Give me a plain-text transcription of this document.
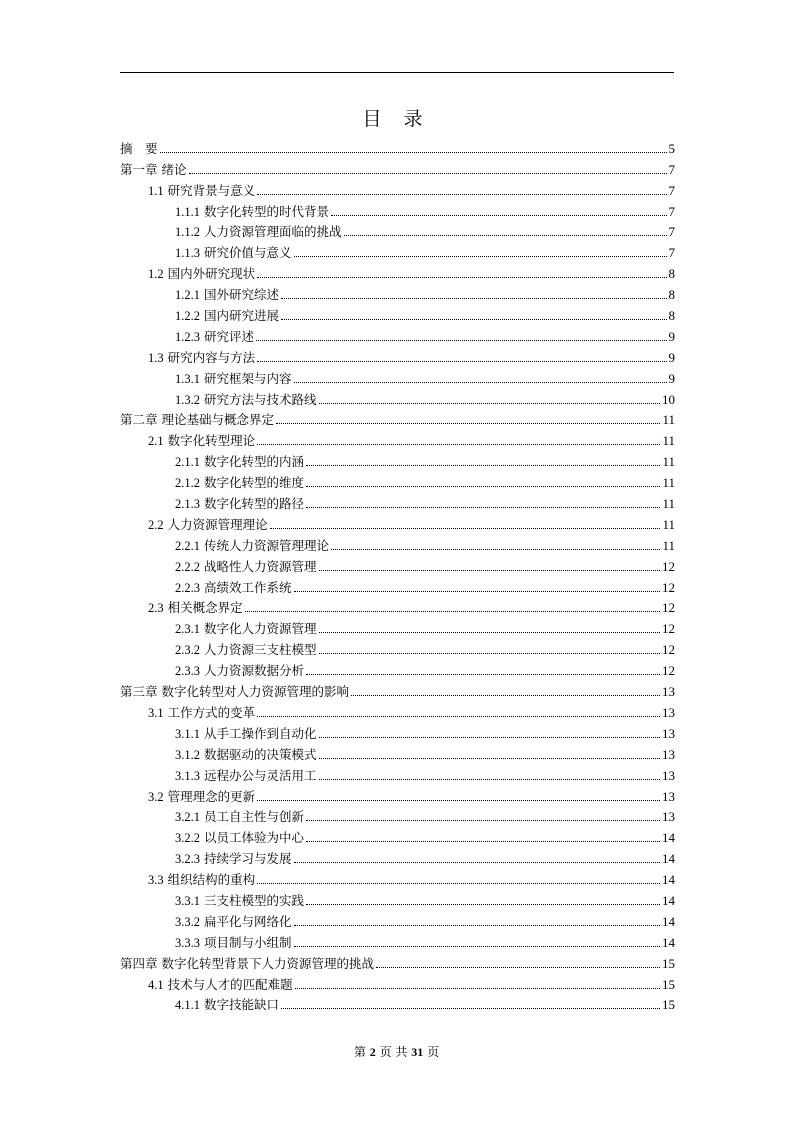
目 录
摘　要	5
第一章 绪论	7
1.1 研究背景与意义	7
1.1.1 数字化转型的时代背景	7
1.1.2 人力资源管理面临的挑战	7
1.1.3 研究价值与意义	7
1.2 国内外研究现状	8
1.2.1 国外研究综述	8
1.2.2 国内研究进展	8
1.2.3 研究评述	9
1.3 研究内容与方法	9
1.3.1 研究框架与内容	9
1.3.2 研究方法与技术路线	10
第二章 理论基础与概念界定	11
2.1 数字化转型理论	11
2.1.1 数字化转型的内涵	11
2.1.2 数字化转型的维度	11
2.1.3 数字化转型的路径	11
2.2 人力资源管理理论	11
2.2.1 传统人力资源管理理论	11
2.2.2 战略性人力资源管理	12
2.2.3 高绩效工作系统	12
2.3 相关概念界定	12
2.3.1 数字化人力资源管理	12
2.3.2 人力资源三支柱模型	12
2.3.3 人力资源数据分析	12
第三章 数字化转型对人力资源管理的影响	13
3.1 工作方式的变革	13
3.1.1 从手工操作到自动化	13
3.1.2 数据驱动的决策模式	13
3.1.3 远程办公与灵活用工	13
3.2 管理理念的更新	13
3.2.1 员工自主性与创新	13
3.2.2 以员工体验为中心	14
3.2.3 持续学习与发展	14
3.3 组织结构的重构	14
3.3.1 三支柱模型的实践	14
3.3.2 扁平化与网络化	14
3.3.3 项目制与小组制	14
第四章 数字化转型背景下人力资源管理的挑战	15
4.1 技术与人才的匹配难题	15
4.1.1 数字技能缺口	15
第 2 页 共 31 页
